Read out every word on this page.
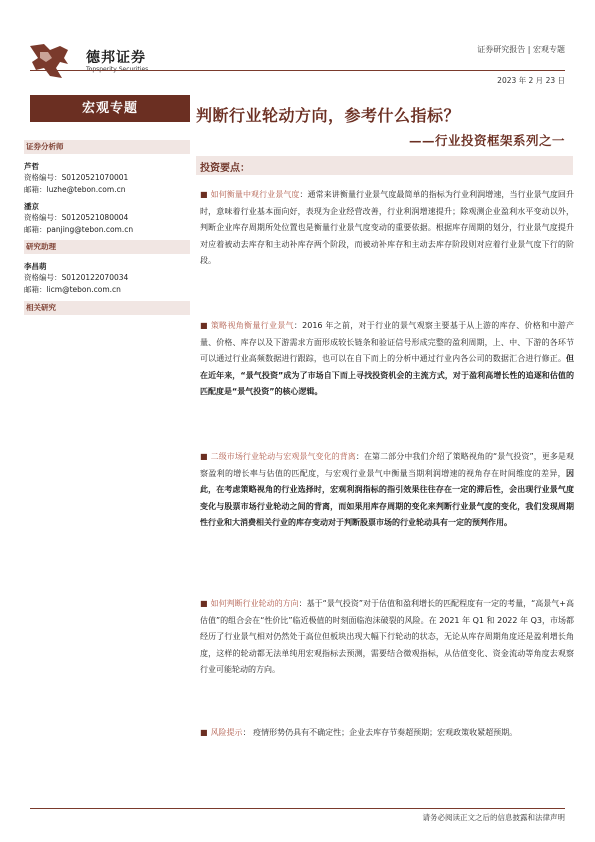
德邦证券
证券研究报告 | 宏观专题
2023 年 2 月 23 日
宏观专题
证券分析师
芦哲
资格编号：S0120521070001
邮箱：luzhe@tebon.com.cn
潘京
资格编号：S0120521080004
邮箱：panjing@tebon.com.cn
研究助理
李昌萌
资格编号：S0120122070034
邮箱：licm@tebon.com.cn
相关研究
判断行业轮动方向，参考什么指标？
——行业投资框架系列之一
投资要点：
■ 如何衡量中观行业景气度：通常来讲衡量行业景气度最简单的指标为行业利润增速，当行业景气度回升时，意味着行业基本面向好，表现为企业经营改善，行业利润增速提升；除观测企业盈利水平变动以外，判断企业库存周期所处位置也是衡量行业景气度变动的重要依据。根据库存周期的划分，行业景气度提升对应着被动去库存和主动补库存两个阶段，而被动补库存和主动去库存阶段则对应着行业景气度下行的阶段。
■ 策略视角衡量行业景气：2016 年之前，对于行业的景气观察主要基于从上游的库存、价格和中游产量、价格、库存以及下游需求方面形成较长链条和验证信号形成完整的盈利周期，上、中、下游的各环节可以通过行业高频数据进行跟踪，也可以在自下而上的分析中通过行业内各公司的数据汇合进行修正。但在近年来，“景气投资”成为了市场自下而上寻找投资机会的主流方式，对于盈利高增长性的追逐和估值的匹配度是“景气投资”的核心逻辑。
■ 二级市场行业轮动与宏观景气变化的背离：在第二部分中我们介绍了策略视角的“景气投资”，更多是观察盈利的增长率与估值的匹配度，与宏观行业景气中衡量当期利润增速的视角存在时间维度的差异，因此，在考虑策略视角的行业选择时，宏观利润指标的指引效果往往存在一定的滞后性，会出现行业景气度变化与股票市场行业轮动之间的背离，而如果用库存周期的变化来判断行业景气度的变化，我们发现周期性行业和大消费相关行业的库存变动对于判断股票市场的行业轮动具有一定的预判作用。
■ 如何判断行业轮动的方向：基于“景气投资”对于估值和盈利增长的匹配程度有一定的考量，“高景气+高估值”的组合会在“性价比”临近极值的时刻面临泡沫破裂的风险。在 2021 年 Q1 和 2022 年 Q3，市场都经历了行业景气相对仍然处于高位但板块出现大幅下行轮动的状态，无论从库存周期角度还是盈利增长角度，这样的轮动都无法单纯用宏观指标去预测，需要结合微观指标，从估值变化、资金流动等角度去观察行业可能轮动的方向。
■ 风险提示： 疫情形势仍具有不确定性；企业去库存节奏超预期；宏观政策收紧超预期。
请务必阅读正文之后的信息披露和法律声明
